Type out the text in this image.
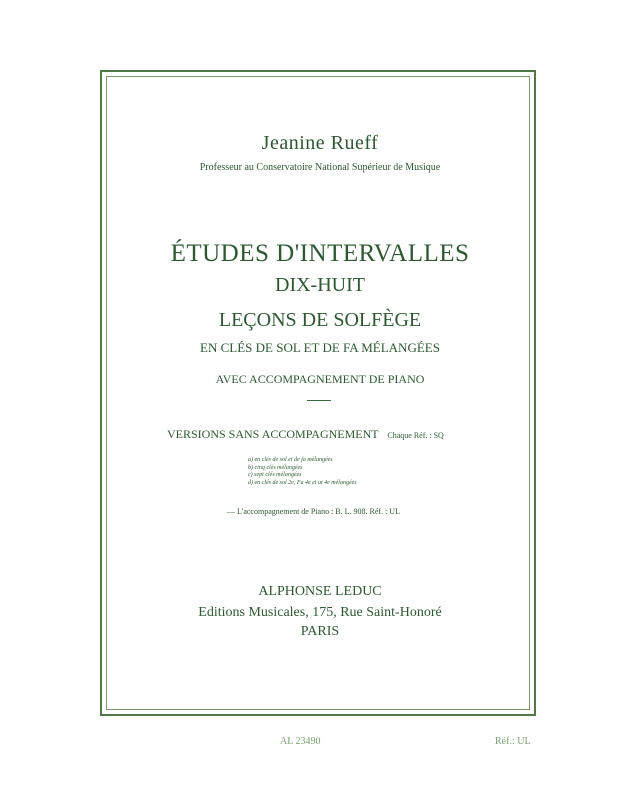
Jeanine Rueff
Professeur au Conservatoire National Supérieur de Musique
ÉTUDES D'INTERVALLES
DIX-HUIT
LEÇONS DE SOLFÈGE
EN CLÉS DE SOL ET DE FA MÉLANGÉES
AVEC ACCOMPAGNEMENT DE PIANO
VERSIONS SANS ACCOMPAGNEMENT Chaque Réf. : SQ
a) en clés de sol et de fa mélangées
b) cinq clés mélangées
c) sept clés mélangées
d) en clés de sol 2e, Fa 4e et ut 4e mélangées
— L'accompagnement de Piano : B. L. 908. Réf. : UL
ALPHONSE LEDUC
Editions Musicales, 175, Rue Saint-Honoré
PARIS
AL 23490	Réf.: UL
